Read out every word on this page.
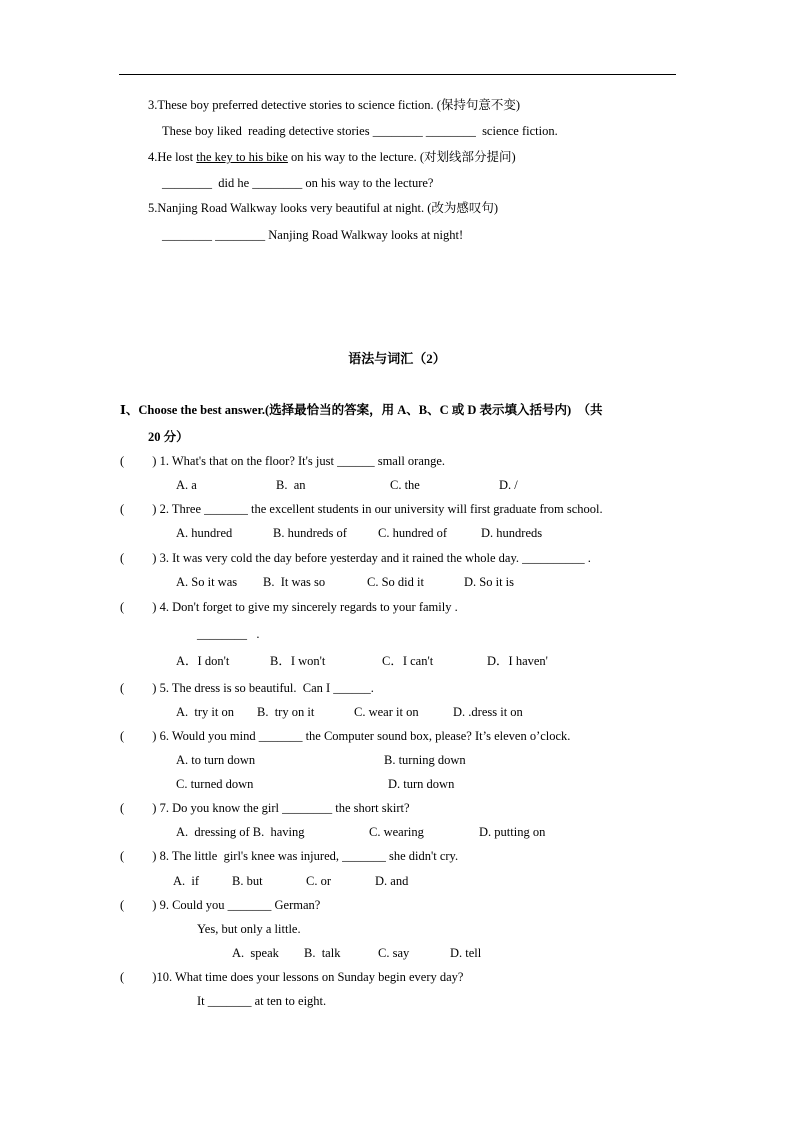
3.These boy preferred detective stories to science fiction. (保持句意不变)
These boy liked  reading detective stories ________ ________  science fiction.
4.He lost the key to his bike on his way to the lecture. (对划线部分提问)
________  did he ________ on his way to the lecture?
5.Nanjing Road Walkway looks very beautiful at night. (改为感叹句)
________ ________ Nanjing Road Walkway looks at night!
语法与词汇（2）
Ⅰ、Choose the best answer.(选择最恰当的答案，用 A、B、C 或 D 表示填入括号内)  （共
20 分）
(         ) 1. What's that on the floor? It's just ______ small orange.
A. a	B.  an	C. the	D. /
(         ) 2. Three _______ the excellent students in our university will first graduate from school.
A. hundred	B. hundreds of C. hundred of	D. hundreds
(         ) 3. It was very cold the day before yesterday and it rained the whole day. __________ .
A. So it was B.  It was so	C. So did it	D. So it is
(         ) 4. Don't forget to give my sincerely regards to your family .
________   .
A．I don't	B．I won't	C．I can't	D．I haven'
(         ) 5. The dress is so beautiful.  Can I ______.
A.  try it on B.  try on it	C. wear it on	D. .dress it on
(         ) 6. Would you mind _______ the Computer sound box, please? It’s eleven o’clock.
A. to turn down	B. turning down
C. turned down	D. turn down
(         ) 7. Do you know the girl ________ the short skirt?
A.  dressing of B.  having	C. wearing	D. putting on
(         ) 8. The little  girl's knee was injured, _______ she didn't cry.
A.  if	B. but	C. or	D. and
(         ) 9. Could you _______ German?
Yes, but only a little.
A.  speak B.  talk	C. say	D. tell
(         )10. What time does your lessons on Sunday begin every day?
It _______ at ten to eight.
